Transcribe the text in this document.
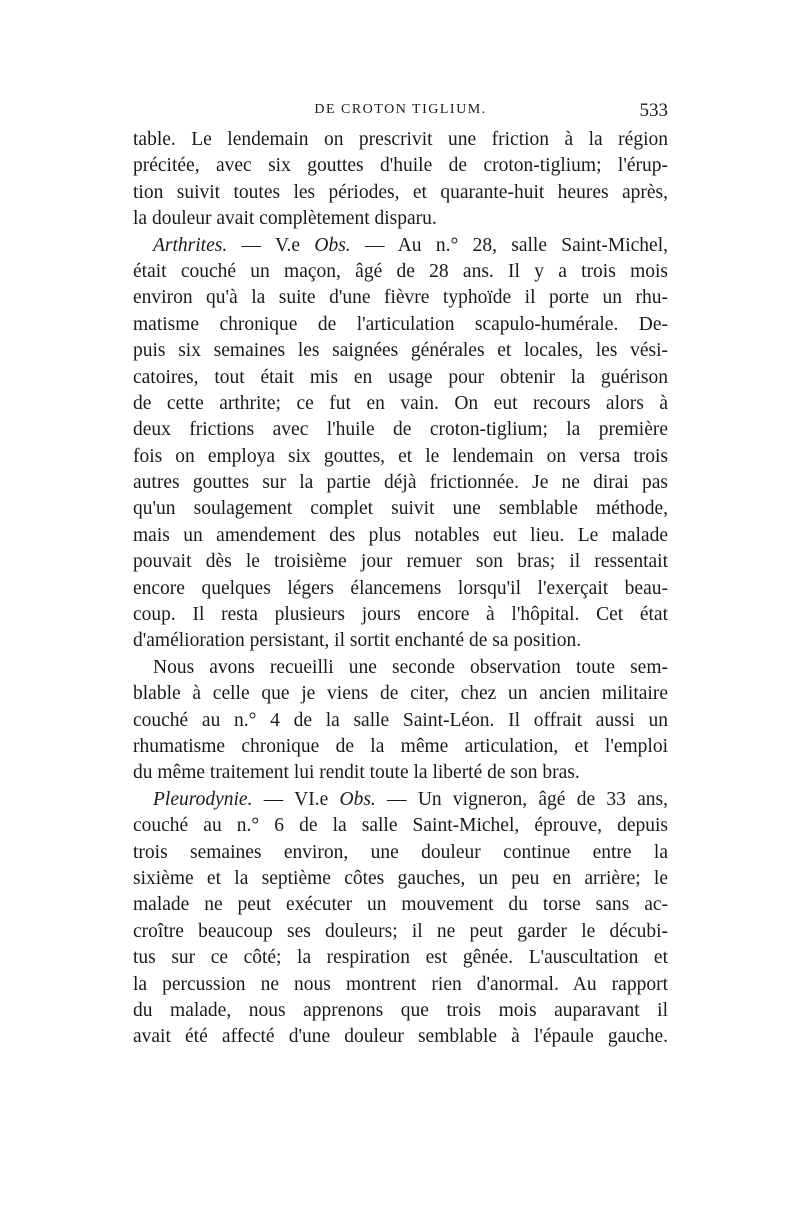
DE CROTON TIGLIUM.	533
table. Le lendemain on prescrivit une friction à la région
précitée, avec six gouttes d'huile de croton-tiglium; l'érup-
tion suivit toutes les périodes, et quarante-huit heures après,
la douleur avait complètement disparu.
Arthrites. — V.e Obs. — Au n.° 28, salle Saint-Michel,
était couché un maçon, âgé de 28 ans. Il y a trois mois
environ qu'à la suite d'une fièvre typhoïde il porte un rhu-
matisme chronique de l'articulation scapulo-humérale. De-
puis six semaines les saignées générales et locales, les vési-
catoires, tout était mis en usage pour obtenir la guérison
de cette arthrite; ce fut en vain. On eut recours alors à
deux frictions avec l'huile de croton-tiglium; la première
fois on employa six gouttes, et le lendemain on versa trois
autres gouttes sur la partie déjà frictionnée. Je ne dirai pas
qu'un soulagement complet suivit une semblable méthode,
mais un amendement des plus notables eut lieu. Le malade
pouvait dès le troisième jour remuer son bras; il ressentait
encore quelques légers élancemens lorsqu'il l'exerçait beau-
coup. Il resta plusieurs jours encore à l'hôpital. Cet état
d'amélioration persistant, il sortit enchanté de sa position.
Nous avons recueilli une seconde observation toute sem-
blable à celle que je viens de citer, chez un ancien militaire
couché au n.° 4 de la salle Saint-Léon. Il offrait aussi un
rhumatisme chronique de la même articulation, et l'emploi
du même traitement lui rendit toute la liberté de son bras.
Pleurodynie. — VI.e Obs. — Un vigneron, âgé de 33 ans,
couché au n.° 6 de la salle Saint-Michel, éprouve, depuis
trois semaines environ, une douleur continue entre la
sixième et la septième côtes gauches, un peu en arrière; le
malade ne peut exécuter un mouvement du torse sans ac-
croître beaucoup ses douleurs; il ne peut garder le décubi-
tus sur ce côté; la respiration est gênée. L'auscultation et
la percussion ne nous montrent rien d'anormal. Au rapport
du malade, nous apprenons que trois mois auparavant il
avait été affecté d'une douleur semblable à l'épaule gauche.
